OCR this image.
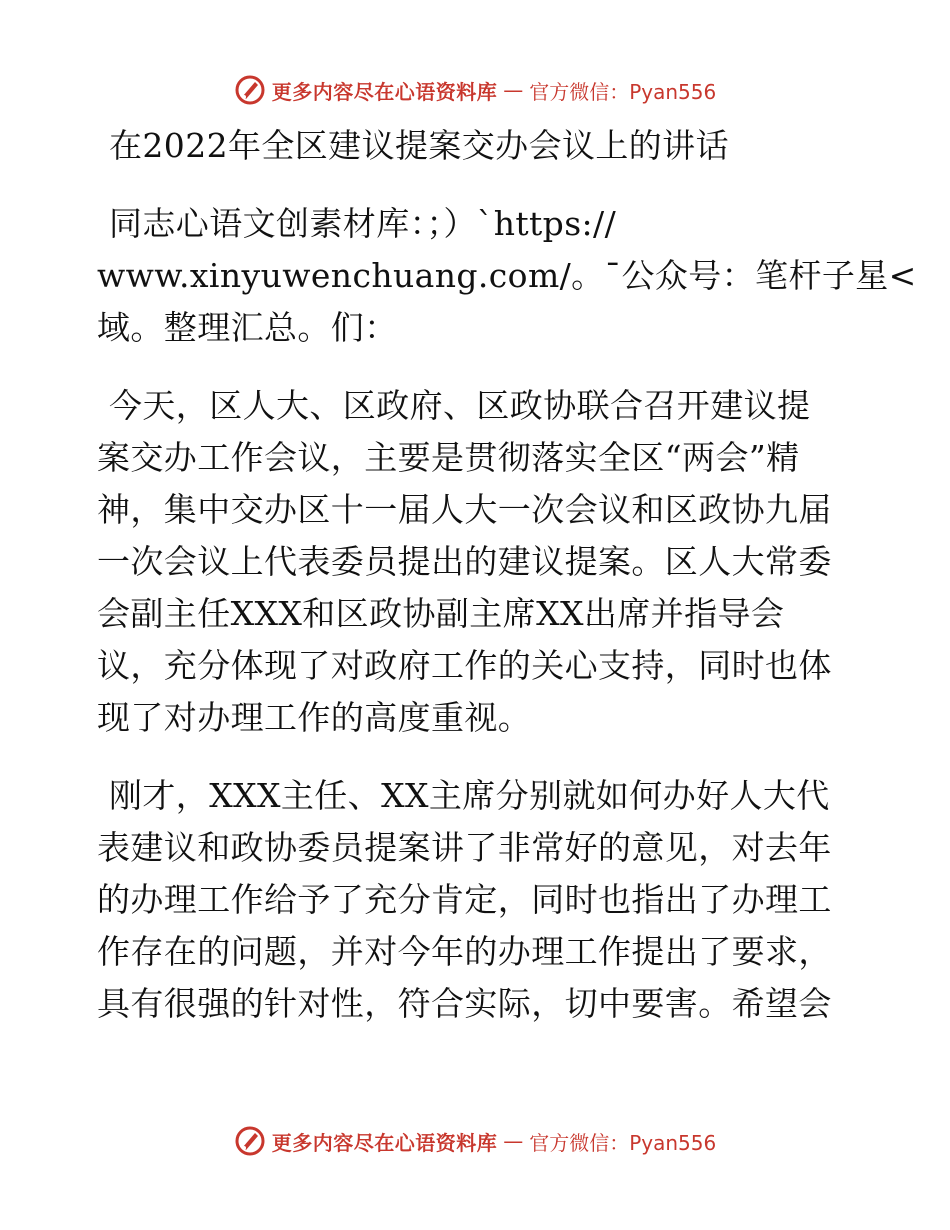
更多内容尽在心语资料库 — 官方微信：Pyan556
在2022年全区建议提案交办会议上的讲话
同志心语文创素材库：；）`https://
www.xinyuwenchuang.com/。¯公众号：笔杆子星<
域。整理汇总。们：
今天，区人大、区政府、区政协联合召开建议提
案交办工作会议，主要是贯彻落实全区“两会”精
神，集中交办区十一届人大一次会议和区政协九届
一次会议上代表委员提出的建议提案。区人大常委
会副主任XXX和区政协副主席XX出席并指导会
议，充分体现了对政府工作的关心支持，同时也体
现了对办理工作的高度重视。
刚才，XXX主任、XX主席分别就如何办好人大代
表建议和政协委员提案讲了非常好的意见，对去年
的办理工作给予了充分肯定，同时也指出了办理工
作存在的问题，并对今年的办理工作提出了要求，
具有很强的针对性，符合实际，切中要害。希望会
更多内容尽在心语资料库 — 官方微信：Pyan556
